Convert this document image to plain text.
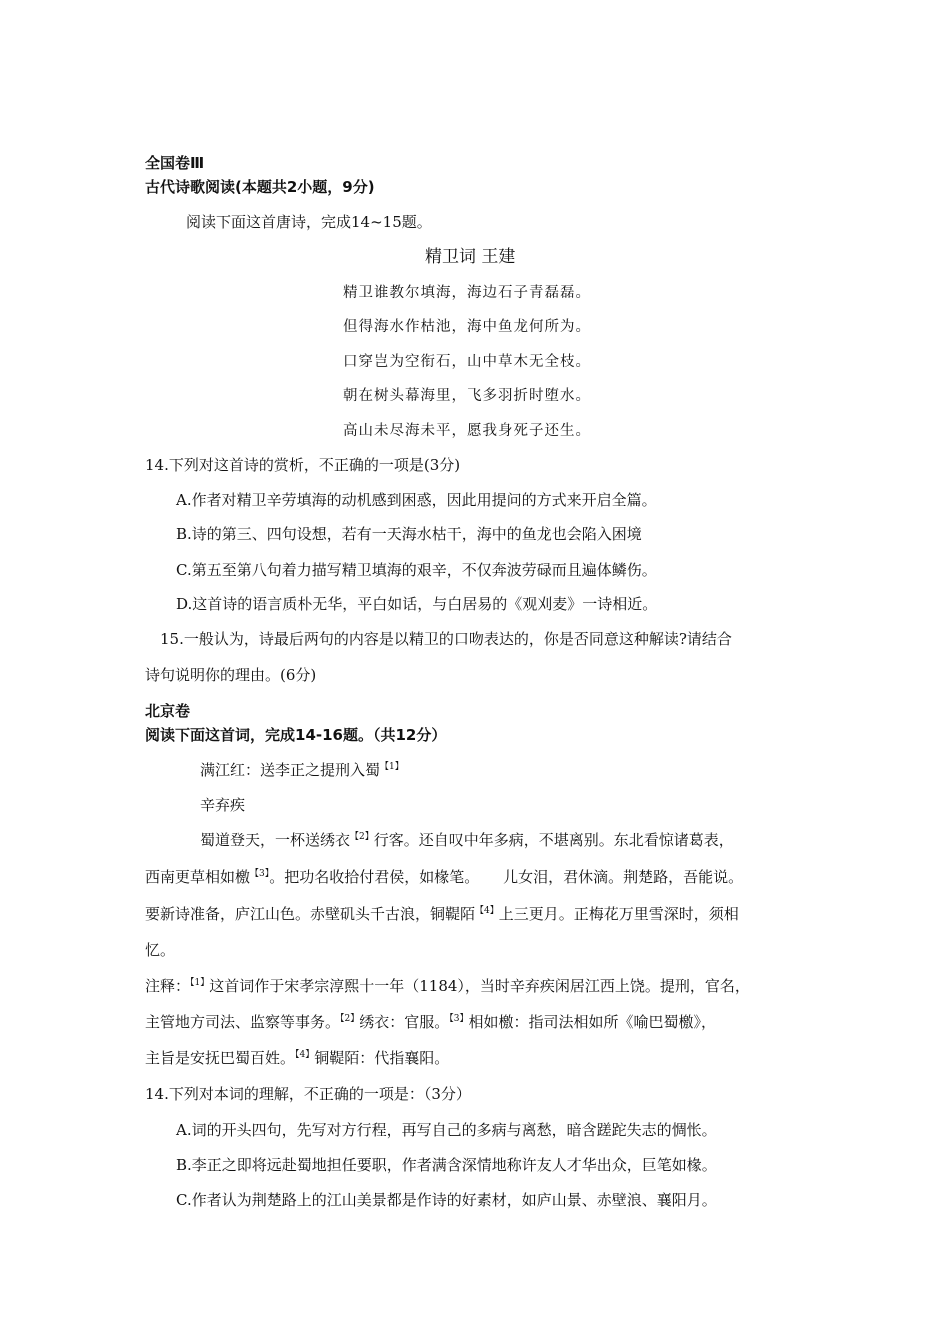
全国卷Ⅲ
古代诗歌阅读(本题共2小题，9分)
阅读下面这首唐诗，完成14~15题。
精卫词 王建
精卫谁教尔填海，海边石子青磊磊。
但得海水作枯池，海中鱼龙何所为。
口穿岂为空衔石，山中草木无全枝。
朝在树头幕海里，飞多羽折时堕水。
高山未尽海未平，愿我身死子还生。
14.下列对这首诗的赏析，不正确的一项是(3分)
A.作者对精卫辛劳填海的动机感到困惑，因此用提问的方式来开启全篇。
B.诗的第三、四句设想，若有一天海水枯干，海中的鱼龙也会陷入困境
C.第五至第八句着力描写精卫填海的艰辛，不仅奔波劳碌而且遍体鳞伤。
D.这首诗的语言质朴无华，平白如话，与白居易的《观刈麦》一诗相近。
15.一般认为，诗最后两句的内容是以精卫的口吻表达的，你是否同意这种解读?请结合
诗句说明你的理由。(6分)
北京卷
阅读下面这首词，完成14-16题。（共12分）
满江红：送李正之提刑入蜀$^{【1】}$
辛弃疾
蜀道登天，一杯送绣衣$^{【2】}$行客。还自叹中年多病，不堪离别。东北看惊诸葛表，
西南更草相如檄$^{【3】}$。把功名收拾付君侯，如椽笔。     儿女泪，君休滴。荆楚路，吾能说。
要新诗准备，庐江山色。赤壁矶头千古浪，铜鞮陌$^{【4】}$上三更月。正梅花万里雪深时，须相
忆。
注释：$^{【1】}$这首词作于宋孝宗淳熙十一年（1184），当时辛弃疾闲居江西上饶。提刑，官名，
主管地方司法、监察等事务。$^{【2】}$绣衣：官服。$^{【3】}$相如檄：指司法相如所《喻巴蜀檄》，
主旨是安抚巴蜀百姓。$^{【4】}$铜鞮陌：代指襄阳。
14.下列对本词的理解，不正确的一项是：（3分）
A.词的开头四句，先写对方行程，再写自己的多病与离愁，暗含蹉跎失志的惆怅。
B.李正之即将远赴蜀地担任要职，作者满含深情地称许友人才华出众，巨笔如椽。
C.作者认为荆楚路上的江山美景都是作诗的好素材，如庐山景、赤壁浪、襄阳月。
